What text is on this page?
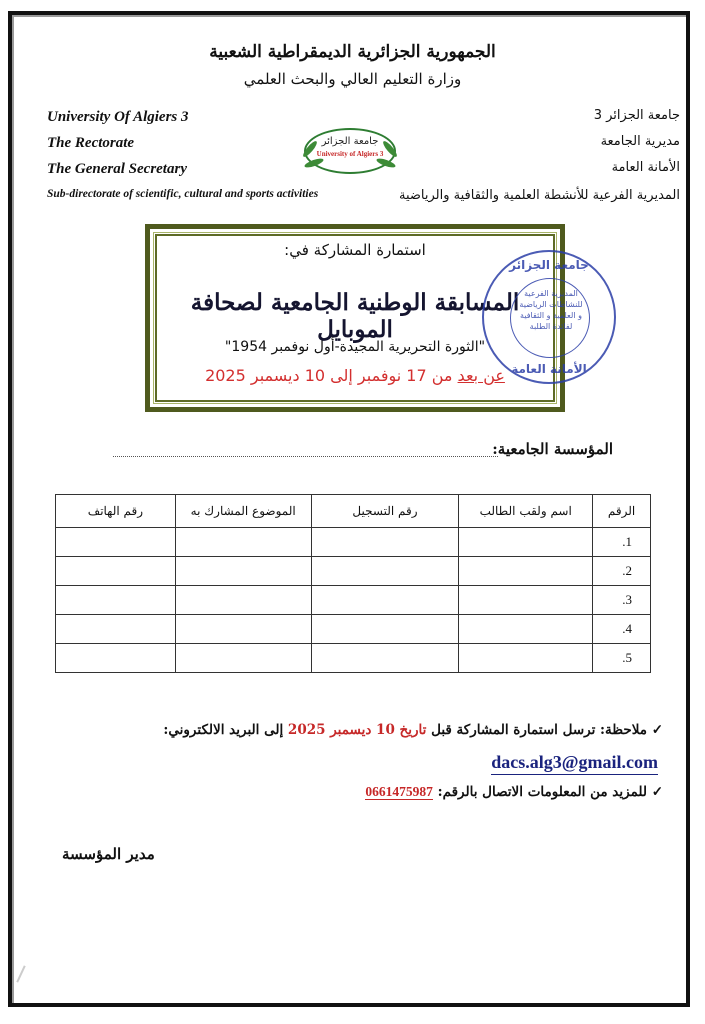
الجمهورية الجزائرية الديمقراطية الشعبية
وزارة التعليم العالي والبحث العلمي
University Of Algiers 3
The Rectorate
The General Secretary
Sub-directorate of scientific, cultural and sports activities
جامعة الجزائر 3
مديرية الجامعة
الأمانة العامة
المديرية الفرعية للأنشطة العلمية والثقافية والرياضية
جامعة الجزائر
University of Algiers 3
استمارة المشاركة في:
المسابقة الوطنية الجامعية لصحافة الموبايل
"الثورة التحريرية المجيدة-أول نوفمبر 1954"
عن بعد من 17 نوفمبر إلى 10 ديسمبر 2025
جامعة الجزائر
المديرية الفرعية
للنشاطات الرياضية
و العلمية و الثقافية
لفائدة الطلبة
الأمانة العامة
المؤسسة الجامعية:
الرقم	اسم ولقب الطالب	رقم التسجيل	الموضوع المشارك به	رقم الهاتف
.1				
.2				
.3				
.4				
.5				
✓ ملاحظة: ترسل استمارة المشاركة قبل تاريخ 10 ديسمبر 2025 إلى البريد الالكتروني:
dacs.alg3@gmail.com
✓ للمزيد من المعلومات الاتصال بالرقم: 0661475987
مدير المؤسسة
